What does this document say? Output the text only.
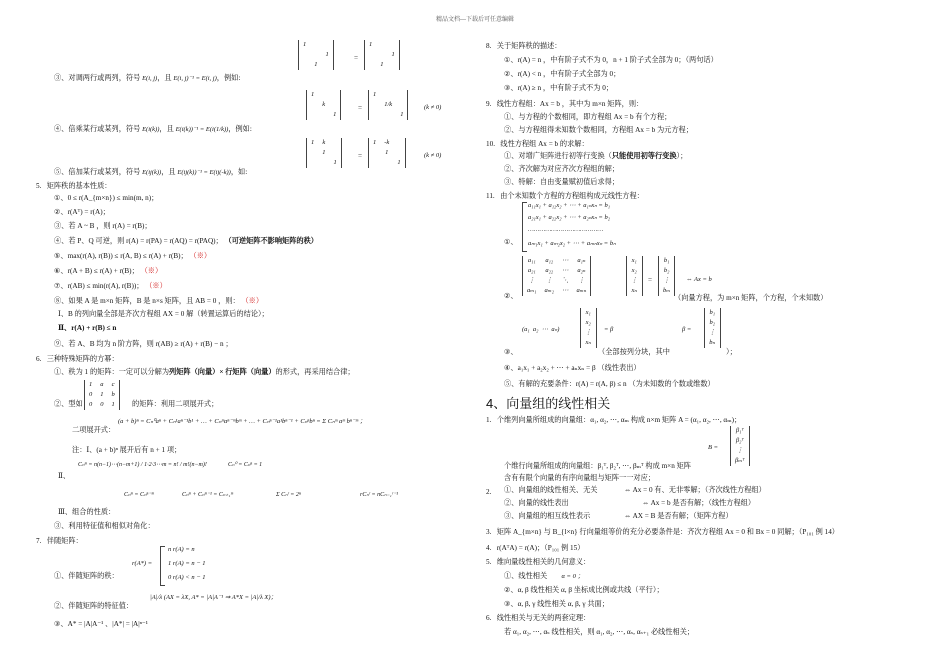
精品文档---下载后可任意编辑
1		
		1
	1	
=
1		
		1
	1	
③、对调两行或两列，符号 E(i, j)，且 E(i, j)⁻¹ = E(i, j)，例如:
1		
	k	
		1
=
1		
	1/k	
		1
(k ≠ 0)
④、倍乘某行或某列，符号 E(i(k))，且 E(i(k))⁻¹ = E(i(1/k))，例如:
1	k	
	1	
		1
=
1	-k	
	1	
		1
(k ≠ 0)
⑤、倍加某行或某列，符号 E(ij(k))，且 E(ij(k))⁻¹ = E(ij(-k))，如:
5. 矩阵秩的基本性质：
①、0 ≤ r(A_{m×n}) ≤ min(m, n)；
②、r(Aᵀ) = r(A)；
③、若 A ~ B ，则 r(A) = r(B)；
④、若 P、Q 可逆，则 r(A) = r(PA) = r(AQ) = r(PAQ)； （可逆矩阵不影响矩阵的秩）
⑤、max(r(A), r(B)) ≤ r(A, B) ≤ r(A) + r(B)； （※）
⑥、r(A + B) ≤ r(A) + r(B)； （※）
⑦、r(AB) ≤ min(r(A), r(B))； （※）
⑧、如果 A 是 m×n 矩阵，B 是 n×s 矩阵，且 AB = 0 ，则： （※）
Ⅰ、B 的列向量全部是齐次方程组 AX = 0 解（转置运算后的结论）；
Ⅱ、r(A) + r(B) ≤ n
⑨、若 A、B 均为 n 阶方阵，则 r(AB) ≥ r(A) + r(B) − n ；
6. 三种特殊矩阵的方幂：
①、秩为 1 的矩阵：一定可以分解为列矩阵（向量）× 行矩阵（向量）的形式，再采用结合律；
②、型如
1	a	c
0	1	b
0	0	1 的矩阵：利用二项展开式；
二项展开式：
(a + b)ⁿ = Cₙ⁰aⁿ + Cₙ¹aⁿ⁻¹b¹ + … + Cₙᵐaⁿ⁻ᵐbᵐ + … + Cₙⁿ⁻¹a¹bⁿ⁻¹ + Cₙⁿbⁿ = Σ Cₙᵐ aᵐ bⁿ⁻ᵐ ；
注：Ⅰ、(a + b)ⁿ 展开后有 n + 1 项；
Ⅱ、
Cₙᵐ = n(n−1)⋯(n−m+1) / 1·2·3⋯m = n! / m!(n−m)!	Cₙ⁰ = Cₙⁿ = 1
Cₙᵐ = Cₙⁿ⁻ᵐ	Cₙᵐ + Cₙᵐ⁻¹ = Cₙ₊₁ᵐ	Σ Cₙʳ = 2ⁿ	rCₙʳ = nCₙ₋₁ʳ⁻¹
Ⅲ、组合的性质：
③、利用特征值和相似对角化：
7. 伴随矩阵：
①、伴随矩阵的秩：
r(A*) =
n r(A) = n
1 r(A) = n − 1
0 r(A) < n − 1
②、伴随矩阵的特征值：
|A|/λ (AX = λX, A* = |A|A⁻¹ ⇒ A*X = |A|/λ X)；
③、A* = |A|A⁻¹ 、|A*| = |A|ⁿ⁻¹
8. 关于矩阵秩的描述：
①、r(A) = n ，中有阶子式不为 0，n + 1 阶子式全部为 0；（两句话）
②、r(A) < n ，中有阶子式全部为 0；
③、r(A) ≥ n ，中有阶子式不为 0；
9. 线性方程组：Ax = b ，其中为 m×n 矩阵，则：
①、与方程的个数相同，即方程组 Ax = b 有个方程；
②、与方程组得未知数个数相同，方程组 Ax = b 为元方程；
10. 线性方程组 Ax = b 的求解：
①、对增广矩阵进行初等行变换（只能使用初等行变换）；
②、齐次解为对应齐次方程组的解；
③、特解：自由变量赋初值后求得；
11. 由个未知数个方程的方程组构成元线性方程：
①、
a₁₁x₁ + a₁₂x₂ + ⋯ + a₁ₙxₙ = b₁
a₂₁x₁ + a₂₂x₂ + ⋯ + a₂ₙxₙ = b₂
…………………………………
aₘ₁x₁ + aₘ₂x₂ + ⋯ + aₘₙxₙ = bₙ
②、
a₁₁	a₁₂	⋯	a₁ₙ
a₂₁	a₂₂	⋯	a₂ₙ
⋮	⋮	⋱	⋮
aₘ₁	aₘ₂	⋯	aₘₙ
x₁
x₂
⋮
xₙ
=
b₁
b₂
⋮
bₘ
⇔ Ax = b
（向量方程，为 m×n 矩阵，个方程，个未知数）
(a₁  a₂  ⋯  aₙ)
x₁
x₂
⋮
xₙ
= β	β =
b₁
b₂
⋮
bₙ
③、	（全部按列分块，其中	）；
④、a₁x₁ + a₂x₂ + ⋯ + aₙxₙ = β （线性表出）
⑤、有解的充要条件：r(A) = r(A, β) ≤ n （为未知数的个数或维数）
4、向量组的线性相关
1. 个维列向量所组成的向量组：α₁, α₂, ⋯, αₘ 构成 n×m 矩阵 A = (α₁, α₂, ⋯, αₘ)；
B =
β₁ᵀ
β₂ᵀ
⋮
βₘᵀ
个维行向量所组成的向量组：β₁ᵀ, β₂ᵀ, ⋯, βₘᵀ 构成 m×n 矩阵
含有有限个向量的有序向量组与矩阵一一对应；
2. ①、向量组的线性相关、无关	⇔ Ax = 0 有、无非零解；（齐次线性方程组）
②、向量的线性表出	⇔ Ax = b 是否有解；（线性方程组）
③、向量组的相互线性表示	⇔ AX = B 是否有解；（矩阵方程）
3. 矩阵 A_{m×n} 与 B_{l×n} 行向量组等价的充分必要条件是：齐次方程组 Ax = 0 和 Bx = 0 同解；（P₁₀₁ 例 14）
4. r(AᵀA) = r(A)；（P₁₀₁ 例 15）
5. 维向量线性相关的几何意义：
①、线性相关 α = 0 ；
②、α, β 线性相关 α, β 坐标成比例或共线（平行）；
③、α, β, γ 线性相关 α, β, γ 共面；
6. 线性相关与无关的两套定理：
若 α₁, α₂, ⋯, αₛ 线性相关，则 α₁, α₂, ⋯, αₛ, αₛ₊₁ 必线性相关；
